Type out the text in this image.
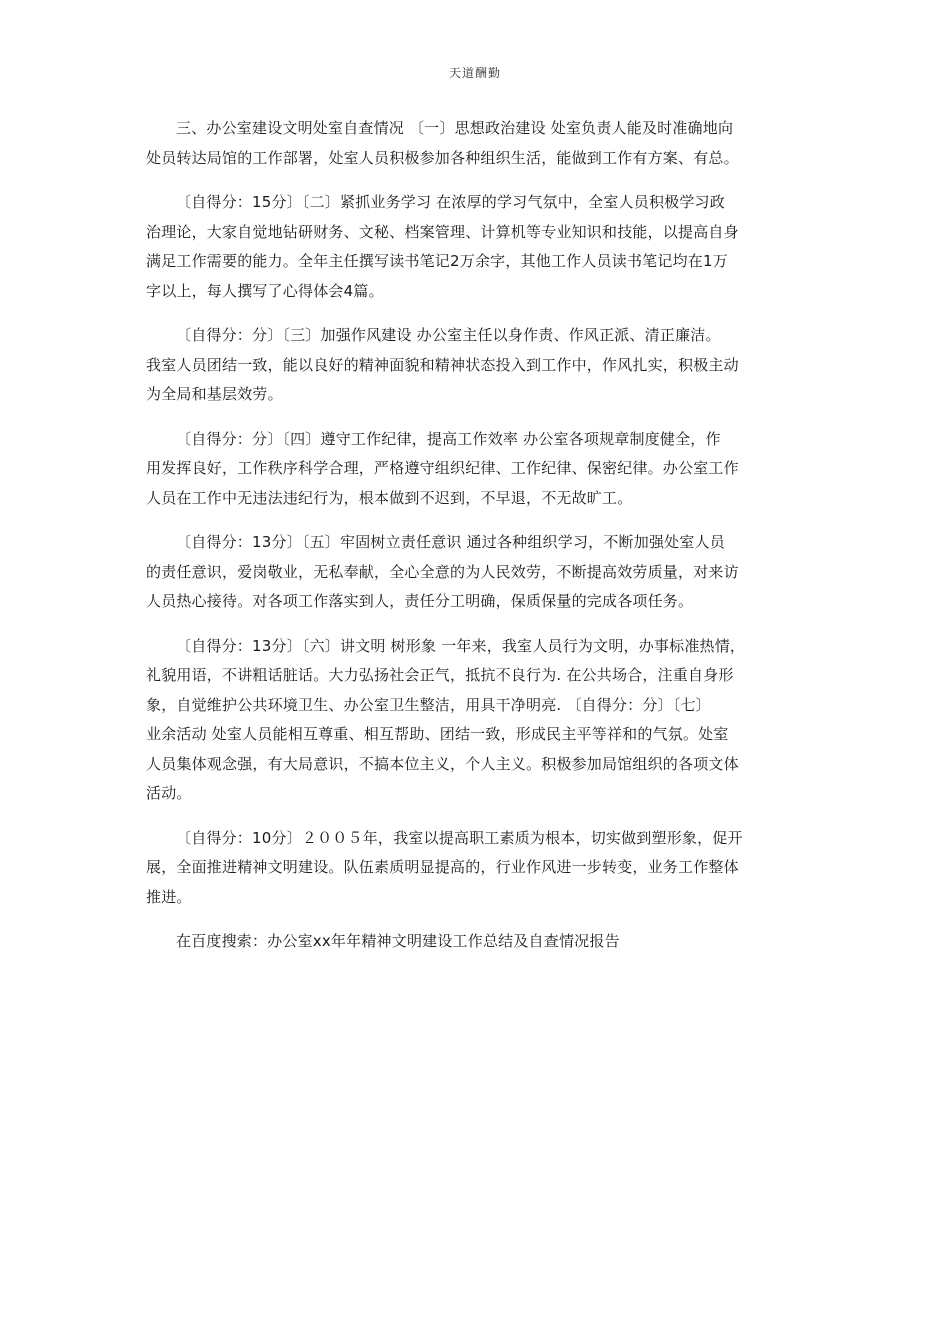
天道酬勤

三、办公室建设文明处室自查情况 〔一〕思想政治建设 处室负责人能及时准确地向
处员转达局馆的工作部署，处室人员积极参加各种组织生活，能做到工作有方案、有总。

〔自得分：15分〕〔二〕紧抓业务学习 在浓厚的学习气氛中，全室人员积极学习政
治理论，大家自觉地钻研财务、文秘、档案管理、计算机等专业知识和技能，以提高自身
满足工作需要的能力。全年主任撰写读书笔记2万余字，其他工作人员读书笔记均在1万
字以上，每人撰写了心得体会4篇。

〔自得分：分〕〔三〕加强作风建设 办公室主任以身作责、作风正派、清正廉洁。
我室人员团结一致，能以良好的精神面貌和精神状态投入到工作中，作风扎实，积极主动
为全局和基层效劳。

〔自得分：分〕〔四〕遵守工作纪律，提高工作效率 办公室各项规章制度健全，作
用发挥良好，工作秩序科学合理，严格遵守组织纪律、工作纪律、保密纪律。办公室工作
人员在工作中无违法违纪行为，根本做到不迟到，不早退，不无故旷工。

〔自得分：13分〕〔五〕牢固树立责任意识 通过各种组织学习，不断加强处室人员
的责任意识，爱岗敬业，无私奉献，全心全意的为人民效劳，不断提高效劳质量，对来访
人员热心接待。对各项工作落实到人，责任分工明确，保质保量的完成各项任务。

〔自得分：13分〕〔六〕讲文明 树形象 一年来，我室人员行为文明，办事标准热情，
礼貌用语，不讲粗话脏话。大力弘扬社会正气，抵抗不良行为. 在公共场合，注重自身形
象，自觉维护公共环境卫生、办公室卫生整洁，用具干净明亮. 〔自得分：分〕〔七〕
业余活动 处室人员能相互尊重、相互帮助、团结一致，形成民主平等祥和的气氛。处室
人员集体观念强，有大局意识，不搞本位主义，个人主义。积极参加局馆组织的各项文体
活动。

〔自得分：10分〕２００５年，我室以提高职工素质为根本，切实做到塑形象，促开
展，全面推进精神文明建设。队伍素质明显提高的，行业作风进一步转变，业务工作整体
推进。

在百度搜索：办公室xx年年精神文明建设工作总结及自查情况报告
